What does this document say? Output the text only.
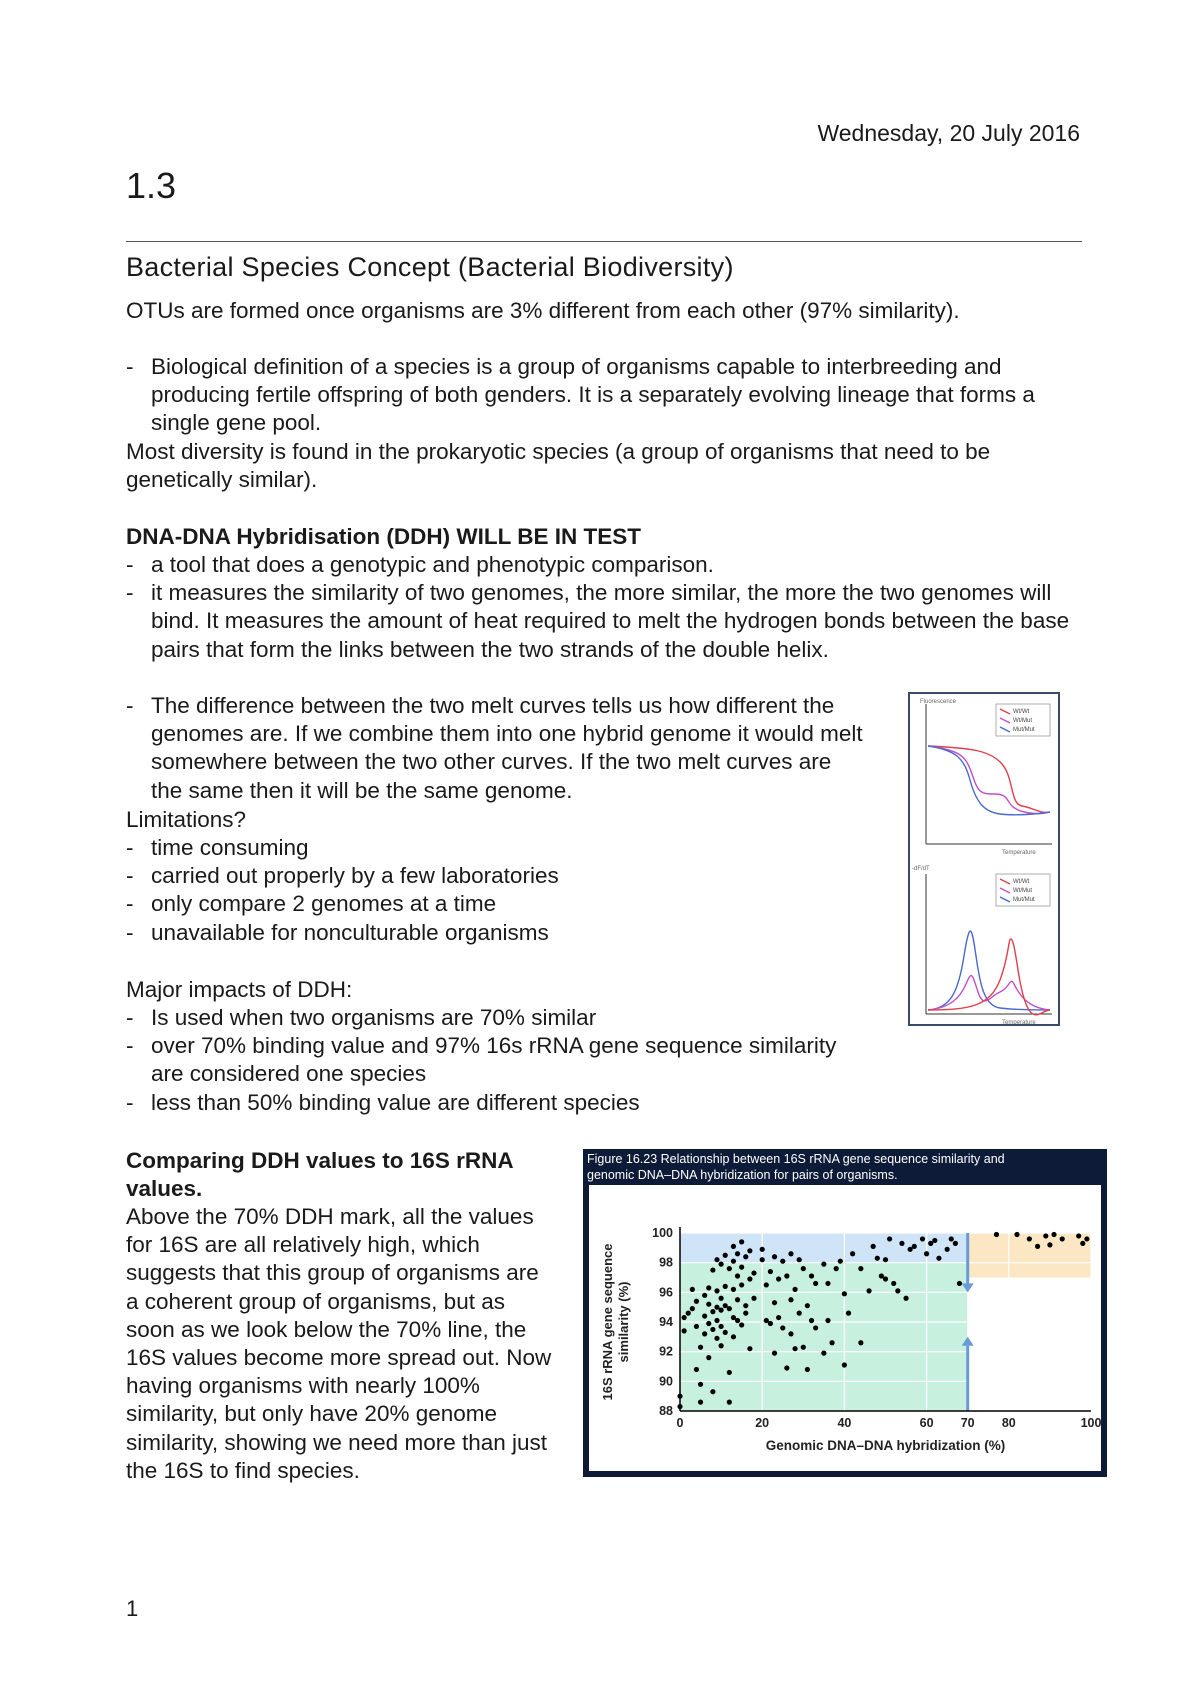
Wednesday, 20 July 2016
1.3
Bacterial Species Concept (Bacterial Biodiversity)
OTUs are formed once organisms are 3% different from each other (97% similarity).
- Biological definition of a species is a group of organisms capable to interbreeding and producing fertile offspring of both genders. It is a separately evolving lineage that forms a single gene pool.
Most diversity is found in the prokaryotic species (a group of organisms that need to be genetically similar).
DNA-DNA Hybridisation (DDH) WILL BE IN TEST
- a tool that does a genotypic and phenotypic comparison.
- it measures the similarity of two genomes, the more similar, the more the two genomes will bind. It measures the amount of heat required to melt the hydrogen bonds between the base pairs that form the links between the two strands of the double helix.
- The difference between the two melt curves tells us how different the genomes are. If we combine them into one hybrid genome it would melt somewhere between the two other curves. If the two melt curves are the same then it will be the same genome.
Limitations?
- time consuming
- carried out properly by a few laboratories
- only compare 2 genomes at a time
- unavailable for nonculturable organisms
Major impacts of DDH:
- Is used when two organisms are 70% similar
- over 70% binding value and 97% 16s rRNA gene sequence similarity are considered one species
- less than 50% binding value are different species
Fluorescence
Temperature
Wt/Wt
Wt/Mut
Mut/Mut
-dF/dT
Temperature
Wt/Wt
Wt/Mut
Mut/Mut
Comparing DDH values to 16S rRNA values.
Above the 70% DDH mark, all the values for 16S are all relatively high, which suggests that this group of organisms are a coherent group of organisms, but as soon as we look below the 70% line, the 16S values become more spread out. Now having organisms with nearly 100% similarity, but only have 20% genome similarity, showing we need more than just the 16S to find species.
Figure 16.23 Relationship between 16S rRNA gene sequence similarity and
genomic DNA–DNA hybridization for pairs of organisms.
88
90
92
94
96
98
100
0	20	40	60 70 80	100
Genomic DNA–DNA hybridization (%)
16S rRNA gene sequence similarity (%)
1
